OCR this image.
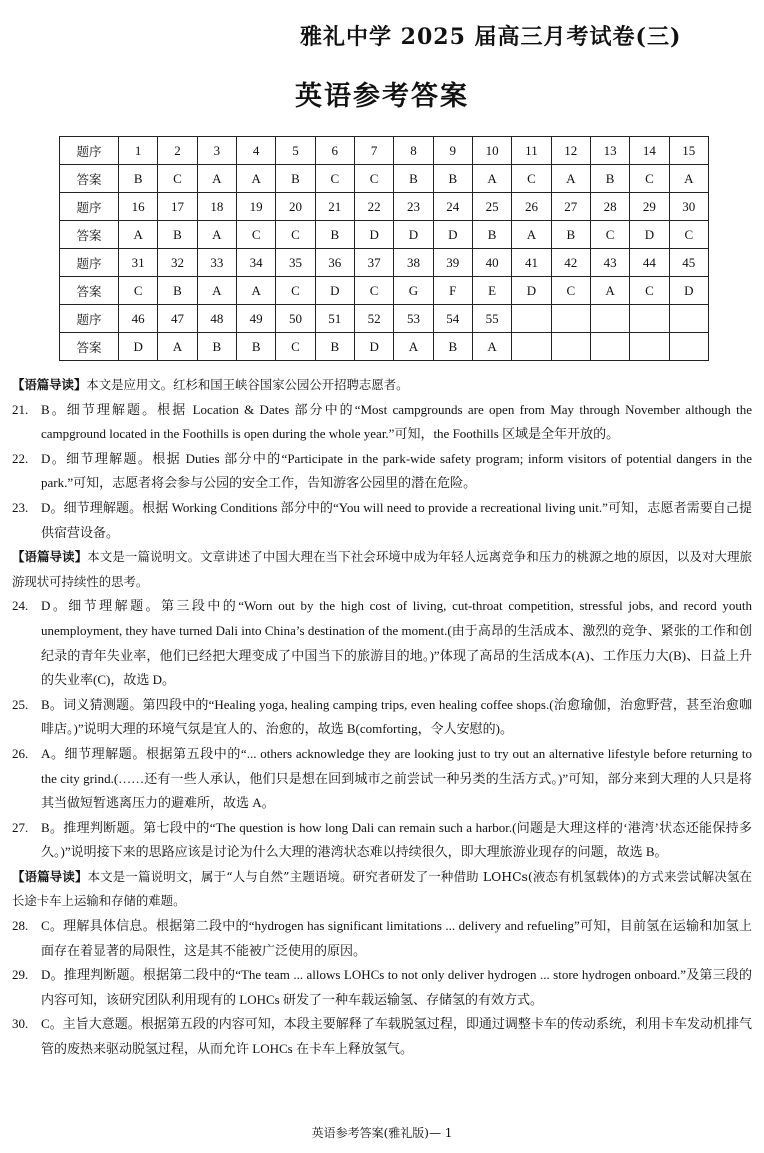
雅礼中学 2025 届高三月考试卷(三)
英语参考答案
题序	1	2	3	4	5	6	7	8	9	10	11	12	13	14	15
答案	B	C	A	A	B	C	C	B	B	A	C	A	B	C	A
题序	16	17	18	19	20	21	22	23	24	25	26	27	28	29	30
答案	A	B	A	C	C	B	D	D	D	B	A	B	C	D	C
题序	31	32	33	34	35	36	37	38	39	40	41	42	43	44	45
答案	C	B	A	A	C	D	C	G	F	E	D	C	A	C	D
题序	46	47	48	49	50	51	52	53	54	55					
答案	D	A	B	B	C	B	D	A	B	A					

【语篇导读】本文是应用文。红杉和国王峡谷国家公园公开招聘志愿者。

21. B。细节理解题。根据 Location & Dates 部分中的“Most campgrounds are open from May through November although the campground located in the Foothills is open during the whole year.”可知，the Foothills 区域是全年开放的。

22. D。细节理解题。根据 Duties 部分中的“Participate in the park-wide safety program; inform visitors of potential dangers in the park.”可知，志愿者将会参与公园的安全工作，告知游客公园里的潜在危险。

23. D。细节理解题。根据 Working Conditions 部分中的“You will need to provide a recreational living unit.”可知，志愿者需要自己提供宿营设备。

【语篇导读】本文是一篇说明文。文章讲述了中国大理在当下社会环境中成为年轻人远离竞争和压力的桃源之地的原因，以及对大理旅游现状可持续性的思考。

24. D。细节理解题。第三段中的“Worn out by the high cost of living, cut-throat competition, stressful jobs, and record youth unemployment, they have turned Dali into China’s destination of the moment.(由于高昂的生活成本、激烈的竞争、紧张的工作和创纪录的青年失业率，他们已经把大理变成了中国当下的旅游目的地。)”体现了高昂的生活成本(A)、工作压力大(B)、日益上升的失业率(C)，故选 D。

25. B。词义猜测题。第四段中的“Healing yoga, healing camping trips, even healing coffee shops.(治愈瑜伽，治愈野营，甚至治愈咖啡店。)”说明大理的环境气氛是宜人的、治愈的，故选 B(comforting，令人安慰的)。

26. A。细节理解题。根据第五段中的“... others acknowledge they are looking just to try out an alternative lifestyle before returning to the city grind.(……还有一些人承认，他们只是想在回到城市之前尝试一种另类的生活方式。)”可知，部分来到大理的人只是将其当做短暂逃离压力的避难所，故选 A。

27. B。推理判断题。第七段中的“The question is how long Dali can remain such a harbor.(问题是大理这样的‘港湾’状态还能保持多久。)”说明接下来的思路应该是讨论为什么大理的港湾状态难以持续很久，即大理旅游业现存的问题，故选 B。

【语篇导读】本文是一篇说明文，属于“人与自然”主题语境。研究者研发了一种借助 LOHCs(液态有机氢载体)的方式来尝试解决氢在长途卡车上运输和存储的难题。

28. C。理解具体信息。根据第二段中的“hydrogen has significant limitations ... delivery and refueling”可知，目前氢在运输和加氢上面存在着显著的局限性，这是其不能被广泛使用的原因。

29. D。推理判断题。根据第二段中的“The team ... allows LOHCs to not only deliver hydrogen ... store hydrogen onboard.”及第三段的内容可知，该研究团队利用现有的 LOHCs 研发了一种车载运输氢、存储氢的有效方式。

30. C。主旨大意题。根据第五段的内容可知，本段主要解释了车载脱氢过程，即通过调整卡车的传动系统，利用卡车发动机排气管的废热来驱动脱氢过程，从而允许 LOHCs 在卡车上释放氢气。

英语参考答案(雅礼版)— 1
